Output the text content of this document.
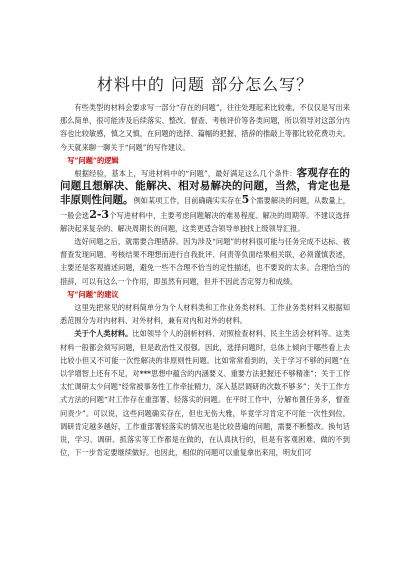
材料中的 问题 部分怎么写？

有些类型的材料会要求写一部分“存在的问题”，往往处理起来比较难，不仅仅是写出来那么简单，很可能涉及后续落实、整改、督查、考核评价等各类问题，所以领导对这部分内容也比较敏感，慎之又慎，在问题的选择、篇幅的把握、措辞的推敲上等都比较花费功夫。今天就来聊一聊关于“问题”的写作建议。

写“问题”的逻辑

根据经验，基本上，写进材料中的“问题”，最好满足这么几个条件：客观存在的问题且想解决、能解决、相对易解决的问题，当然，肯定也是非原则性问题。例如某项工作，目前确确实实存在5个需要解决的问题，从数量上，一般会选2-3个写进材料中，主要考虑问题解决的难易程度、解决的周期等。不建议选择解决起来复杂的、解决周期长的问题，这类更适合领导单独找上级领导汇报。

选好问题之后，就需要合理措辞。因为涉及“问题”的材料很可能与任务完成不达标、被督查发现问题、考核结果不理想而进行自我批评、问责等负面结果相关联，必须谨慎表述，主要还是客观描述问题，避免一些不合理不恰当的定性描述，也不要说的太多。合理恰当的措辞，可以有这么一个作用，即虽然有问题，但并不因此否定努力和成绩。

写“问题”的建议

这里先把常见的材料简单分为个人材料类和工作业务类材料。工作业务类材料又根据知悉范围分为对内材料、对外材料，兼有对内和对外的材料。

关于个人类材料。比如领导个人的剖析材料、对照检查材料、民主生活会材料等。这类材料一般都会须写问题，但是政治性又很强。因此，选择问题时，总体上倾向于哪些看上去比较小但又不可能一次性解决的非原则性问题。比如常常看到的，关于学习不够的问题“在以学增智上还有不足，对***思想中蕴含的内涵要义、重要方法把握还不够精准”；关于工作太忙调研太少问题“经常被事务性工作牵扯精力，深入基层调研的次数不够多”；关于工作方式方法的问题“对工作存在重部署、轻落实的问题。在平时工作中，分解布置任务多，督查问责少”。可以说，这些问题确实存在，但也无伤大雅，毕竟学习肯定不可能一次性到位，调研肯定越多越好，工作重部署轻落实的情况也是比较普遍的问题，需要不断整改。换句话说，学习、调研、抓落实等工作都是在做的，在认真执行的，但是有客观困难，做的不到位，下一步肯定要继续做好。也因此，相似的问题可以重复拿出来用，明友们可
